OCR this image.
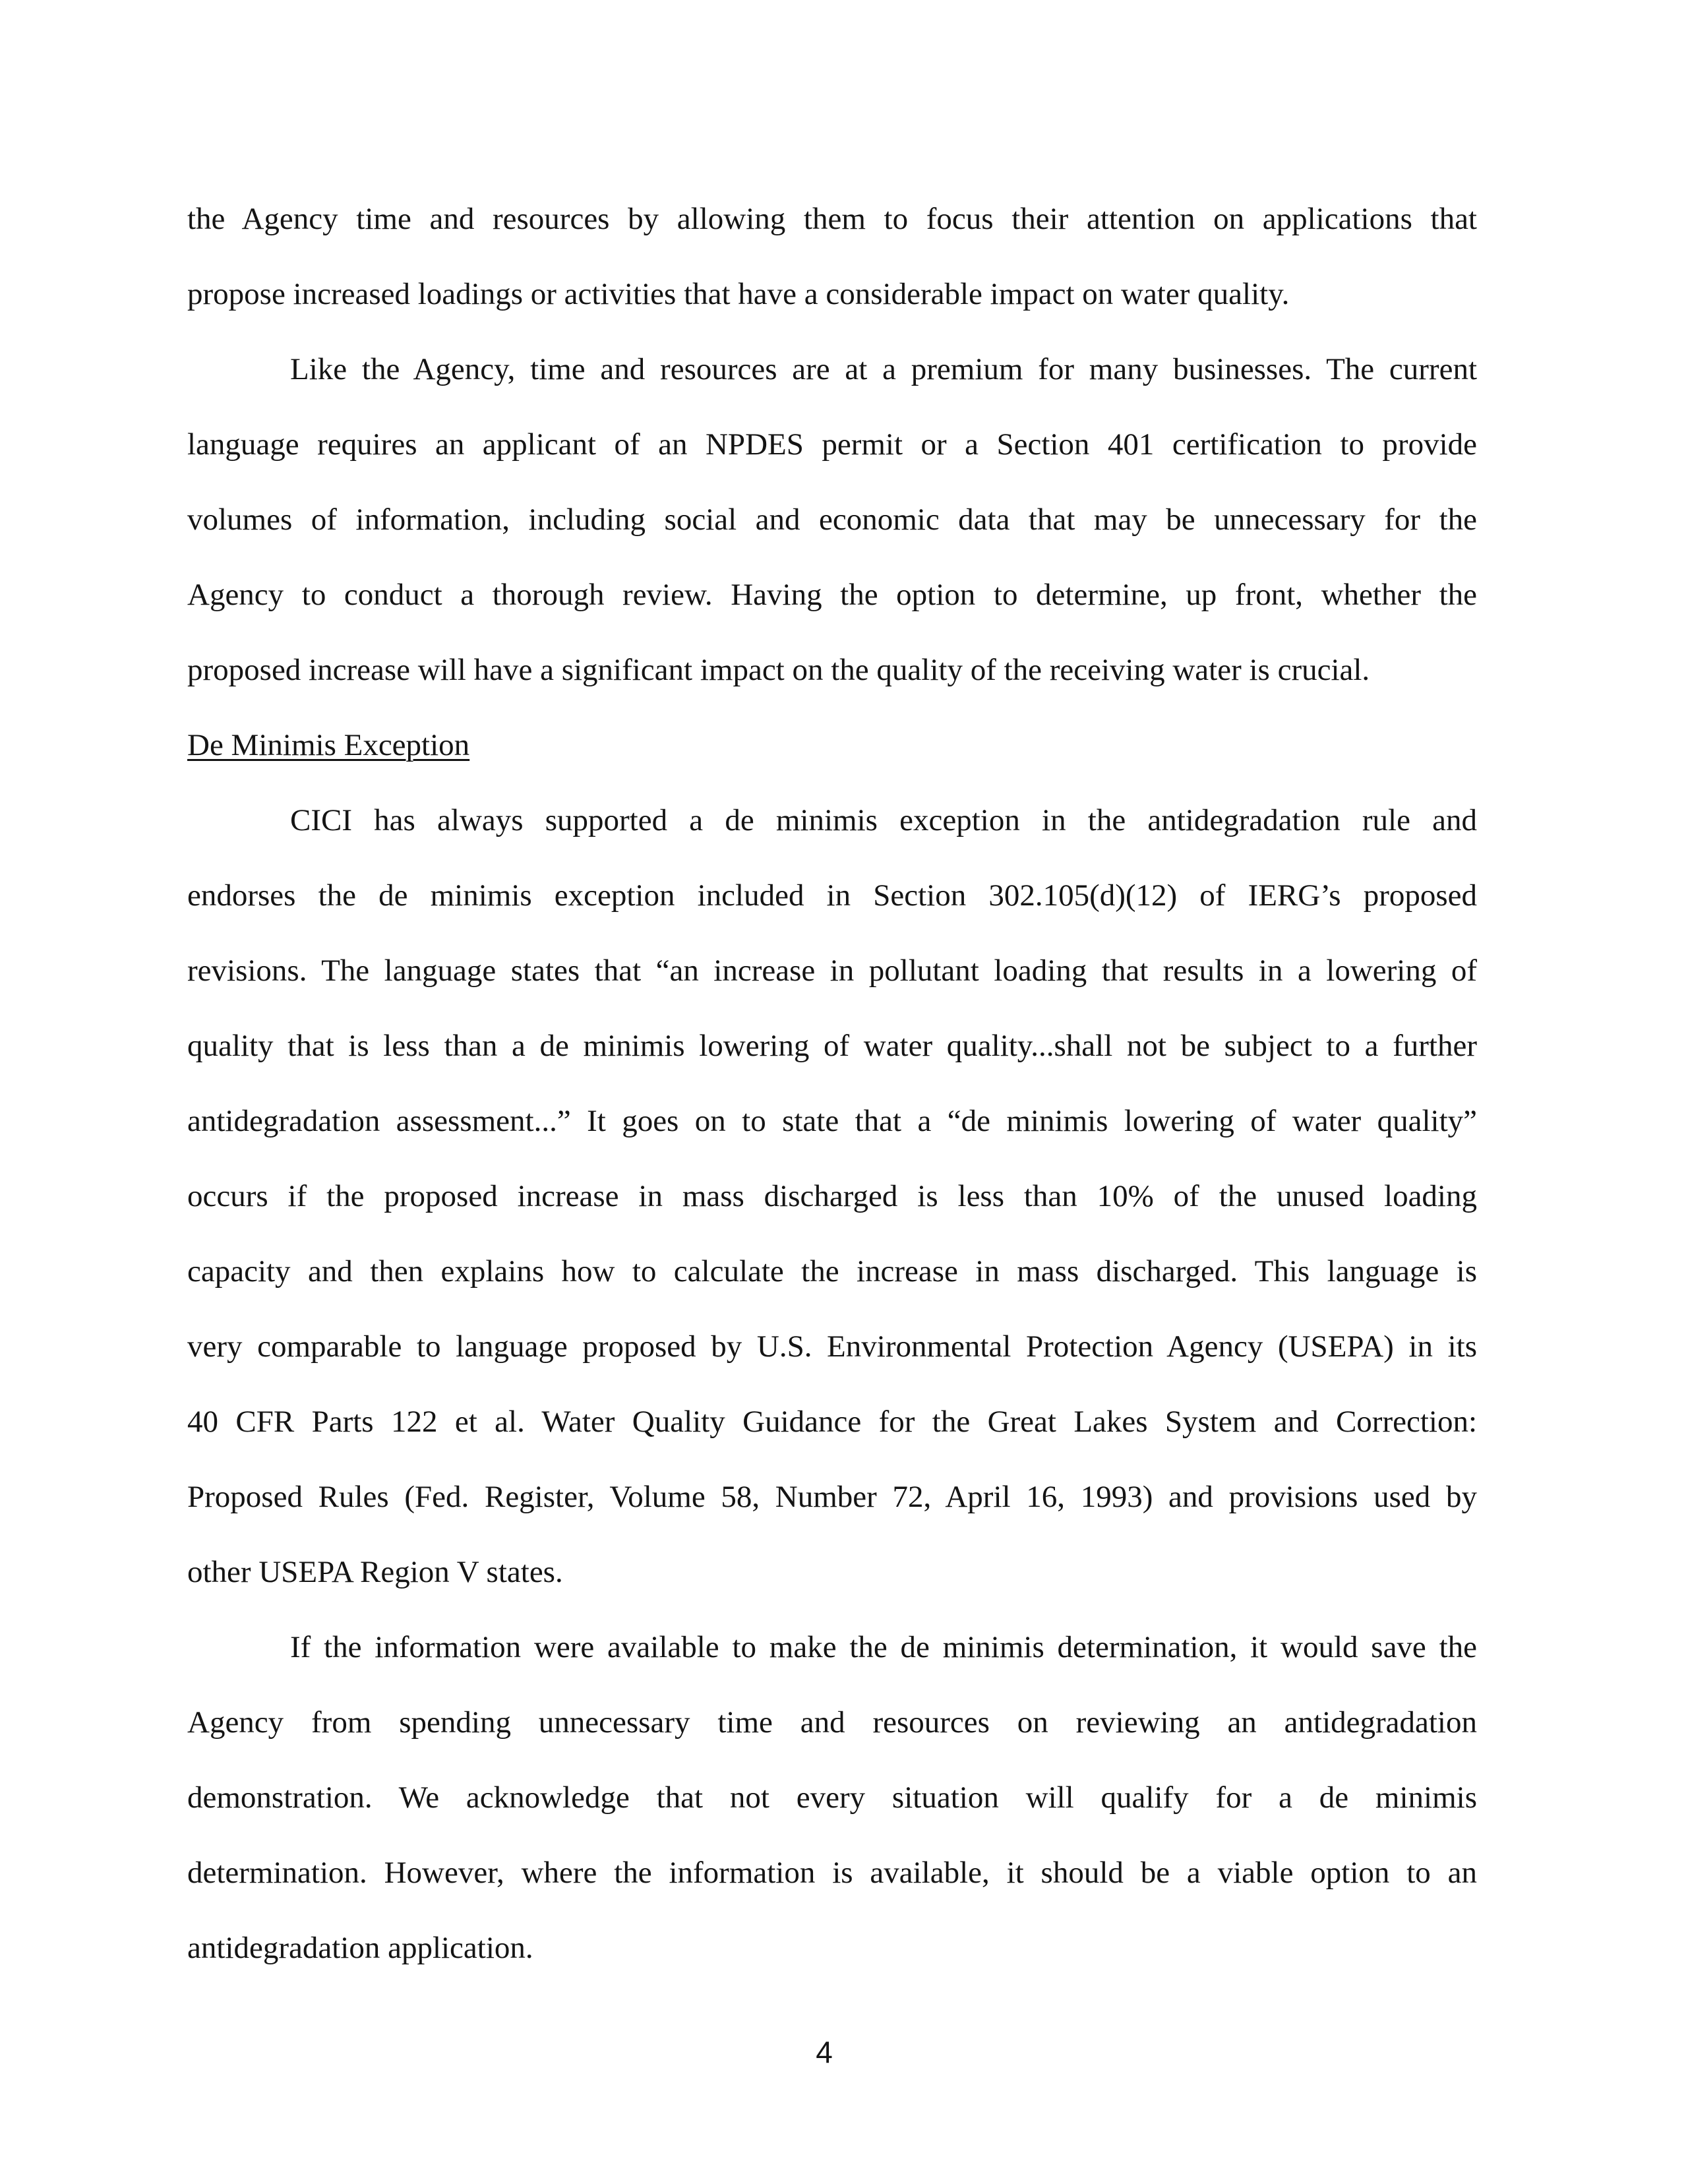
the Agency time and resources by allowing them to focus their attention on applications that

propose increased loadings or activities that have a considerable impact on water quality.

Like the Agency, time and resources are at a premium for many businesses. The current

language requires an applicant of an NPDES permit or a Section 401 certification to provide

volumes of information, including social and economic data that may be unnecessary for the

Agency to conduct a thorough review. Having the option to determine, up front, whether the

proposed increase will have a significant impact on the quality of the receiving water is crucial.

De Minimis Exception

CICI has always supported a de minimis exception in the antidegradation rule and

endorses the de minimis exception included in Section 302.105(d)(12) of IERG’s proposed

revisions. The language states that “an increase in pollutant loading that results in a lowering of

quality that is less than a de minimis lowering of water quality...shall not be subject to a further

antidegradation assessment...” It goes on to state that a “de minimis lowering of water quality”

occurs if the proposed increase in mass discharged is less than 10% of the unused loading

capacity and then explains how to calculate the increase in mass discharged. This language is

very comparable to language proposed by U.S. Environmental Protection Agency (USEPA) in its

40 CFR Parts 122 et al. Water Quality Guidance for the Great Lakes System and Correction:

Proposed Rules (Fed. Register, Volume 58, Number 72, April 16, 1993) and provisions used by

other USEPA Region V states.

If the information were available to make the de minimis determination, it would save the

Agency from spending unnecessary time and resources on reviewing an antidegradation

demonstration. We acknowledge that not every situation will qualify for a de minimis

determination. However, where the information is available, it should be a viable option to an

antidegradation application.

4
